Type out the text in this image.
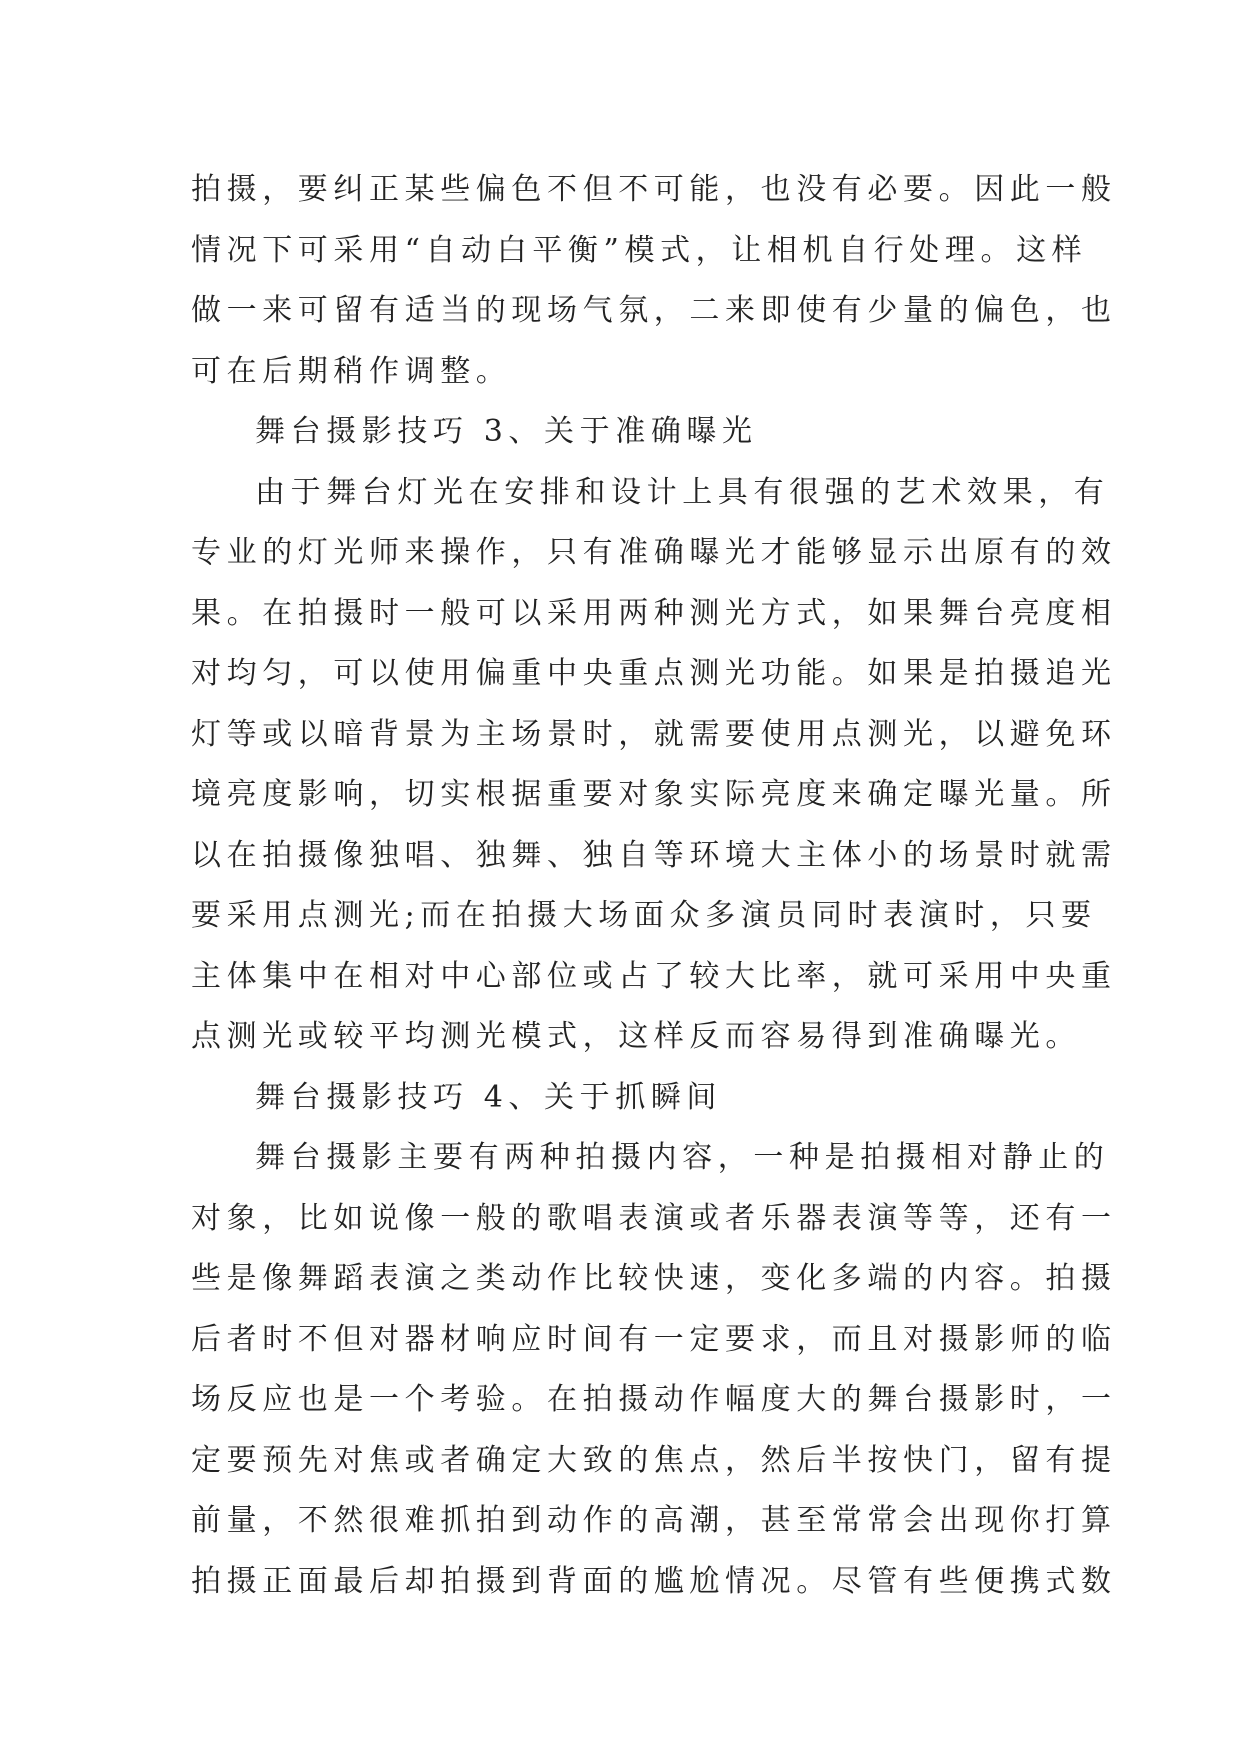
拍摄，要纠正某些偏色不但不可能，也没有必要。因此一般
情况下可采用“自动白平衡”模式，让相机自行处理。这样
做一来可留有适当的现场气氛，二来即使有少量的偏色，也
可在后期稍作调整。
舞台摄影技巧 3、关于准确曝光
由于舞台灯光在安排和设计上具有很强的艺术效果，有
专业的灯光师来操作，只有准确曝光才能够显示出原有的效
果。在拍摄时一般可以采用两种测光方式，如果舞台亮度相
对均匀，可以使用偏重中央重点测光功能。如果是拍摄追光
灯等或以暗背景为主场景时，就需要使用点测光，以避免环
境亮度影响，切实根据重要对象实际亮度来确定曝光量。所
以在拍摄像独唱、独舞、独自等环境大主体小的场景时就需
要采用点测光;而在拍摄大场面众多演员同时表演时，只要
主体集中在相对中心部位或占了较大比率，就可采用中央重
点测光或较平均测光模式，这样反而容易得到准确曝光。
舞台摄影技巧 4、关于抓瞬间
舞台摄影主要有两种拍摄内容，一种是拍摄相对静止的
对象，比如说像一般的歌唱表演或者乐器表演等等，还有一
些是像舞蹈表演之类动作比较快速，变化多端的内容。拍摄
后者时不但对器材响应时间有一定要求，而且对摄影师的临
场反应也是一个考验。在拍摄动作幅度大的舞台摄影时，一
定要预先对焦或者确定大致的焦点，然后半按快门，留有提
前量，不然很难抓拍到动作的高潮，甚至常常会出现你打算
拍摄正面最后却拍摄到背面的尴尬情况。尽管有些便携式数
